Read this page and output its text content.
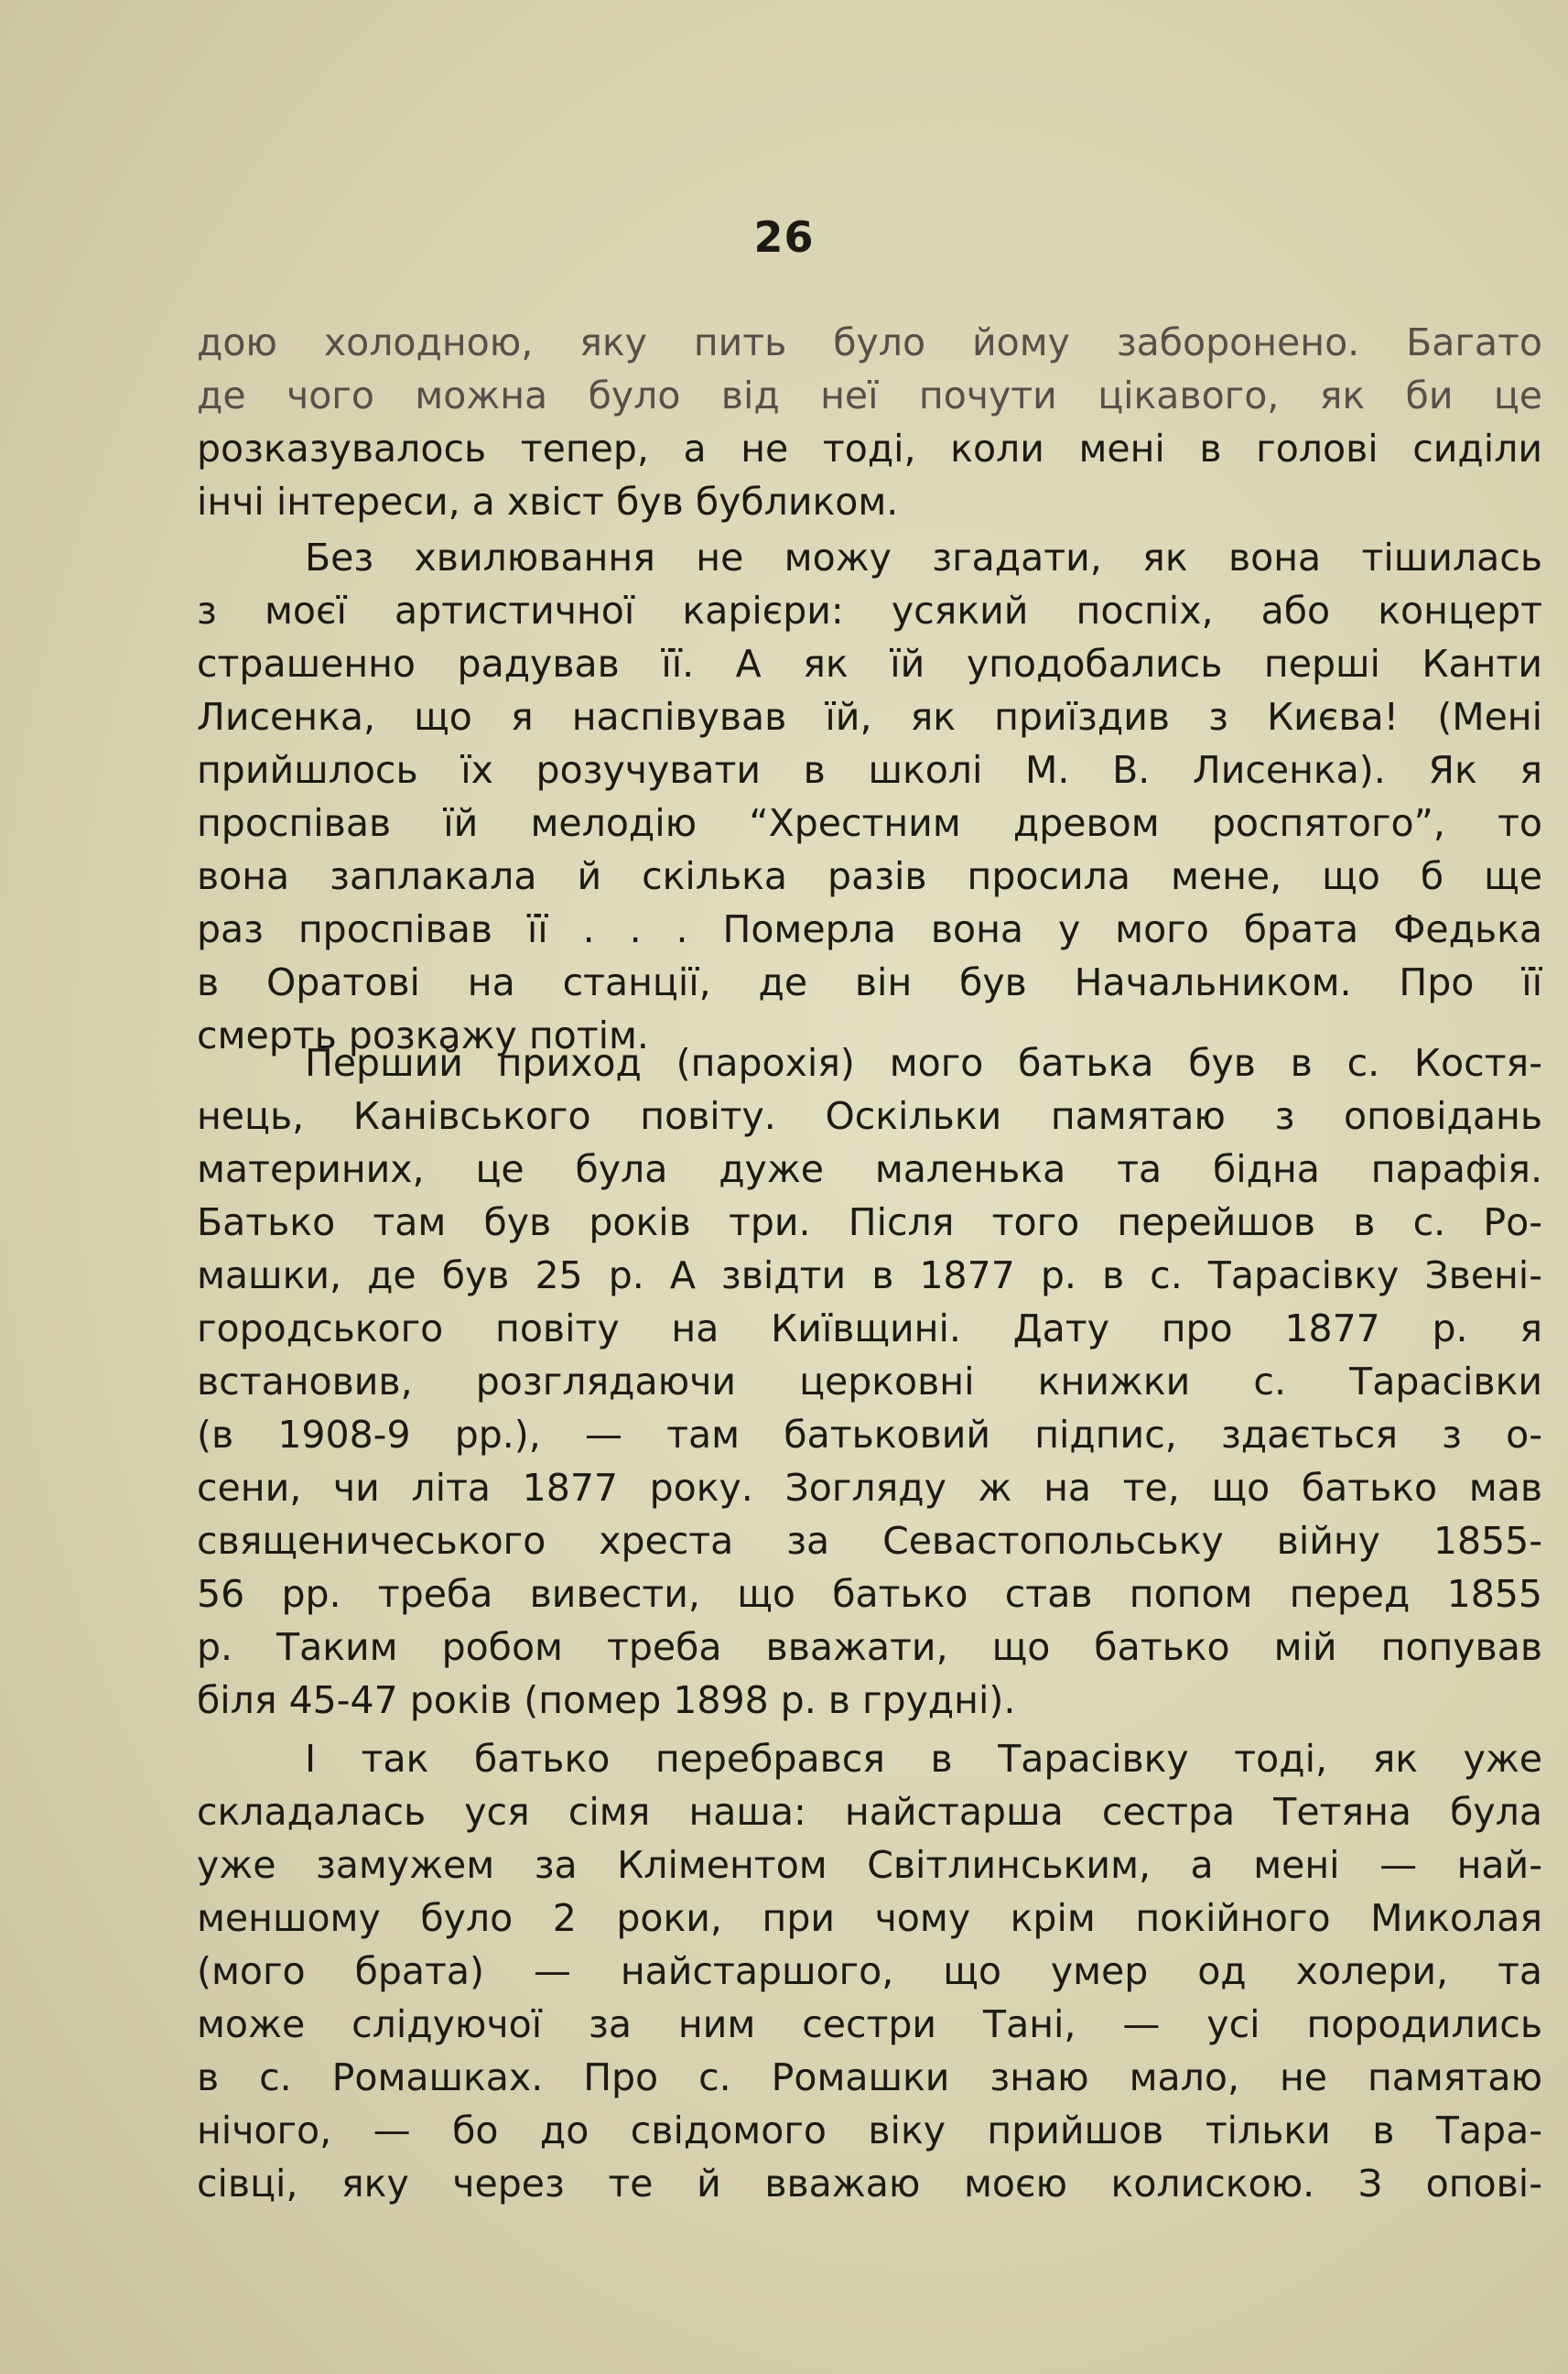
26
дою холодною, яку пить було йому заборонено. Багато
де чого можна було від неї почути цікавого, як би це
розказувалось тепер, а не тоді, коли мені в голові сиділи
інчі інтереси, а хвіст був бубликом.
Без хвилювання не можу згадати, як вона тішилась
з моєї артистичної карієри: усякий поспіх, або концерт
страшенно радував її. А як їй уподобались перші Канти
Лисенка, що я наспівував їй, як приїздив з Києва! (Мені
прийшлось їх розучувати в школі М. В. Лисенка). Як я
проспівав їй мелодію “Хрестним древом роспятого”, то
вона заплакала й скілька разів просила мене, що б ще
раз проспівав її . . . Померла вона у мого брата Федька
в Оратові на станції, де він був Начальником. Про її
смерть розкажу потім.
Перший приход (парохія) мого батька був в с. Костя-
нець, Канівського повіту. Оскільки памятаю з оповідань
материних, це була дуже маленька та бідна парафія.
Батько там був років три. Після того перейшов в с. Ро-
машки, де був 25 р. А звідти в 1877 р. в с. Тарасівку Звені-
городського повіту на Київщині. Дату про 1877 р. я
встановив, розглядаючи церковні книжки с. Тарасівки
(в 1908-9 рр.), — там батьковий підпис, здається з о-
сени, чи літа 1877 року. Зогляду ж на те, що батько мав
священичеського хреста за Севастопольську війну 1855-
56 рр. треба вивести, що батько став попом перед 1855
р. Таким робом треба вважати, що батько мій попував
біля 45-47 років (помер 1898 р. в грудні).
І так батько перебрався в Тарасівку тоді, як уже
складалась уся сімя наша: найстарша сестра Тетяна була
уже замужем за Кліментом Світлинським, а мені — най-
меншому було 2 роки, при чому крім покійного Миколая
(мого брата) — найстаршого, що умер од холери, та
може слідуючої за ним сестри Тані, — усі породились
в с. Ромашках. Про с. Ромашки знаю мало, не памятаю
нічого, — бо до свідомого віку прийшов тільки в Тара-
сівці, яку через те й вважаю моєю колискою. З опові-
